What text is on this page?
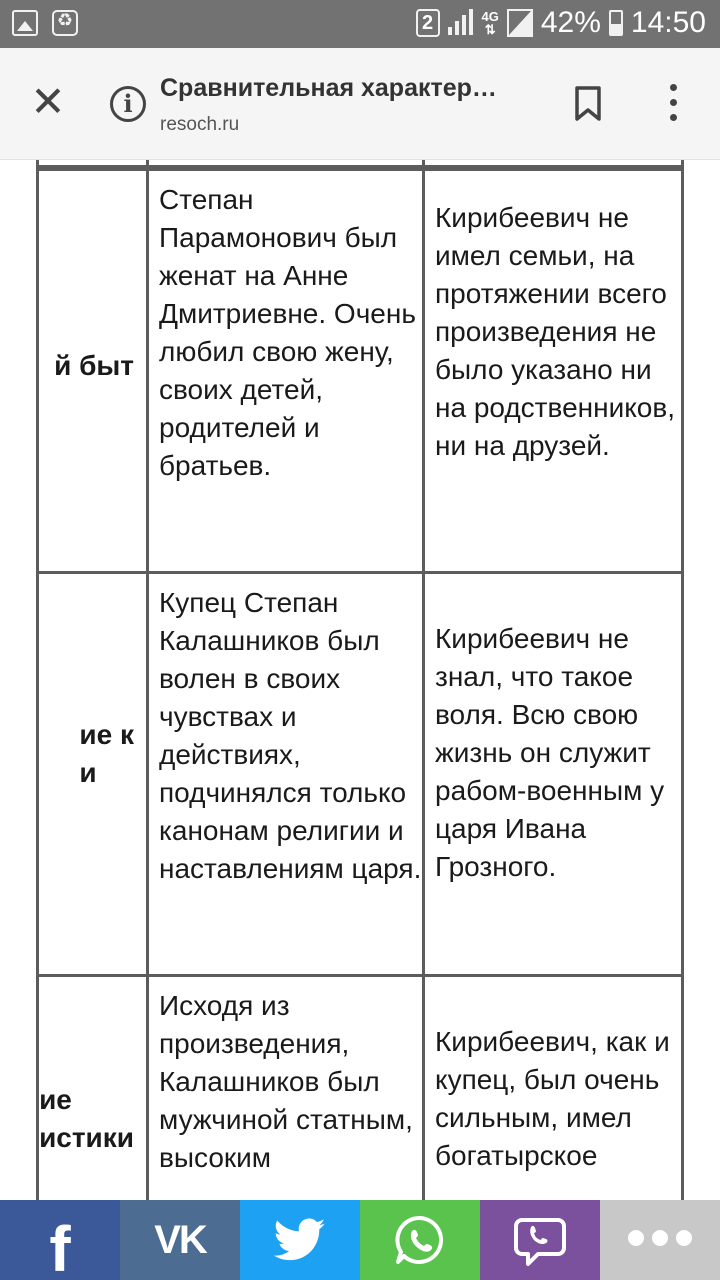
♻
2	4G
⇅ 42% 14:50
✕	i
Сравнительная характер…
resoch.ru
й быт
Степан Парамонович был женат на Анне Дмитриевне. Очень любил свою жену, своих детей, родителей и братьев.
Кирибеевич не имел семьи, на протяжении всего произведения не было указано ни на родственников, ни на друзей.
ие к
и
Купец Степан Калашников был волен в своих чувствах и действиях, подчинялся только канонам религии и наставлениям царя.
Кирибеевич не знал, что такое воля. Всю свою жизнь он служит рабом-военным у царя Ивана Грозного.
ие
истики
Исходя из произведения, Калашников был мужчиной статным, высоким
Кирибеевич, как и купец, был очень сильным, имел богатырское
f VK
